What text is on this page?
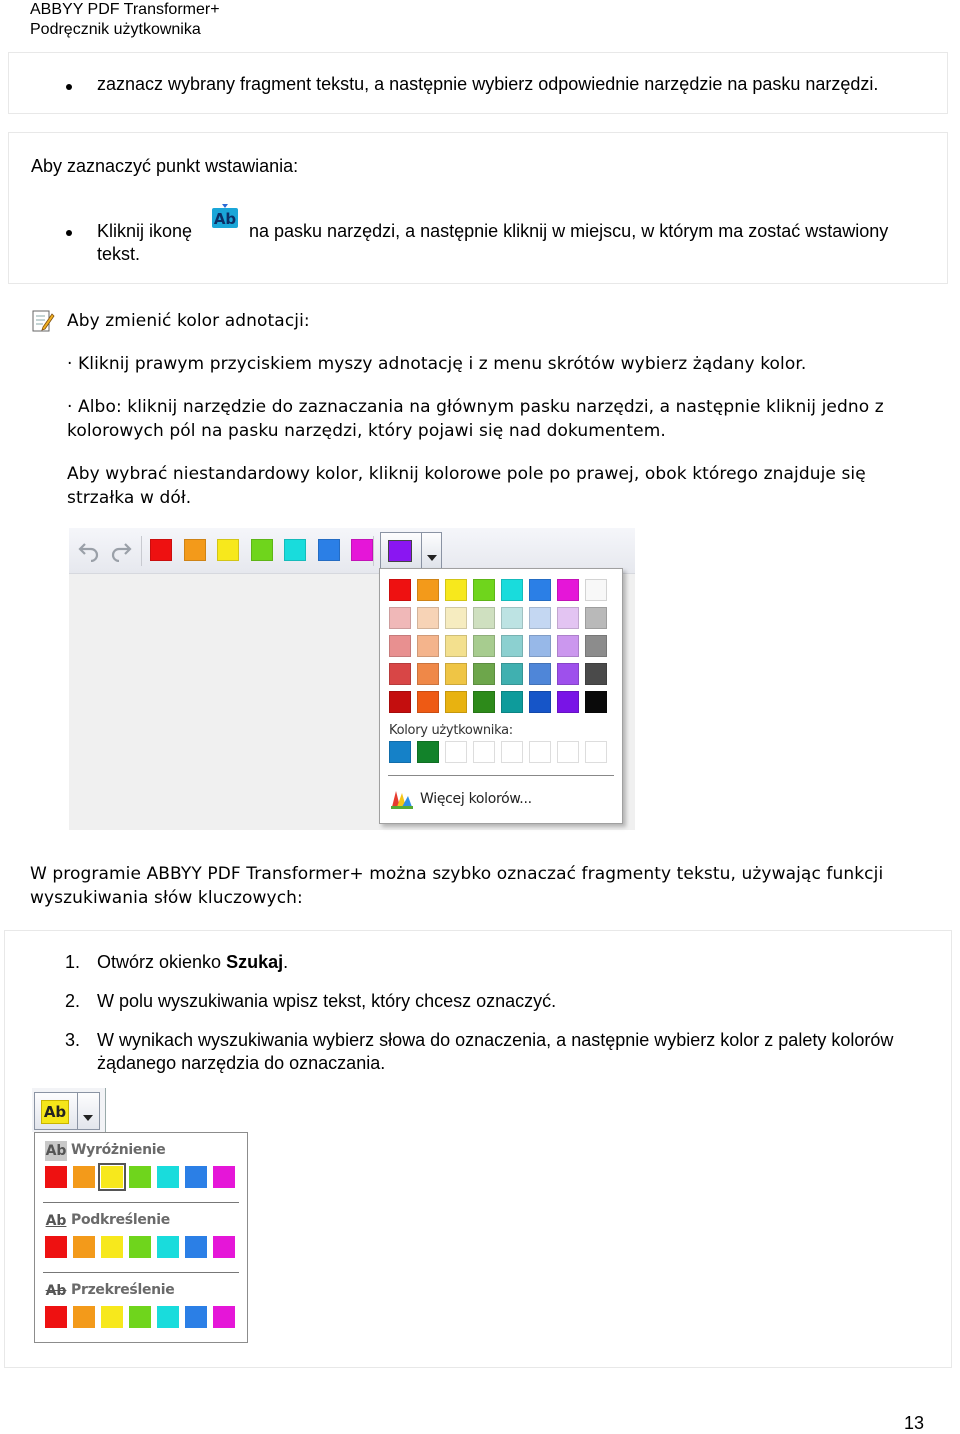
ABBYY PDF Transformer+
Podręcznik użytkownika
zaznacz wybrany fragment tekstu, a następnie wybierz odpowiednie narzędzie na pasku narzędzi.
Aby zaznaczyć punkt wstawiania:
Kliknij ikonę
Ab
na pasku narzędzi, a następnie kliknij w miejscu, w którym ma zostać wstawiony
tekst.
Aby zmienić kolor adnotacji:
· Kliknij prawym przyciskiem myszy adnotację i z menu skrótów wybierz żądany kolor.
· Albo: kliknij narzędzie do zaznaczania na głównym pasku narzędzi, a następnie kliknij jedno z
kolorowych pól na pasku narzędzi, który pojawi się nad dokumentem.
Aby wybrać niestandardowy kolor, kliknij kolorowe pole po prawej, obok którego znajduje się
strzałka w dół.
Kolory użytkownika:
Więcej kolorów...
W programie ABBYY PDF Transformer+ można szybko oznaczać fragmenty tekstu, używając funkcji
wyszukiwania słów kluczowych:
1. Otwórz okienko Szukaj.
2. W polu wyszukiwania wpisz tekst, który chcesz oznaczyć.
3. W wynikach wyszukiwania wybierz słowa do oznaczenia, a następnie wybierz kolor z palety kolorów
żądanego narzędzia do oznaczania.
Ab
Ab Wyróżnienie
Ab Podkreślenie
Ab Przekreślenie
13
